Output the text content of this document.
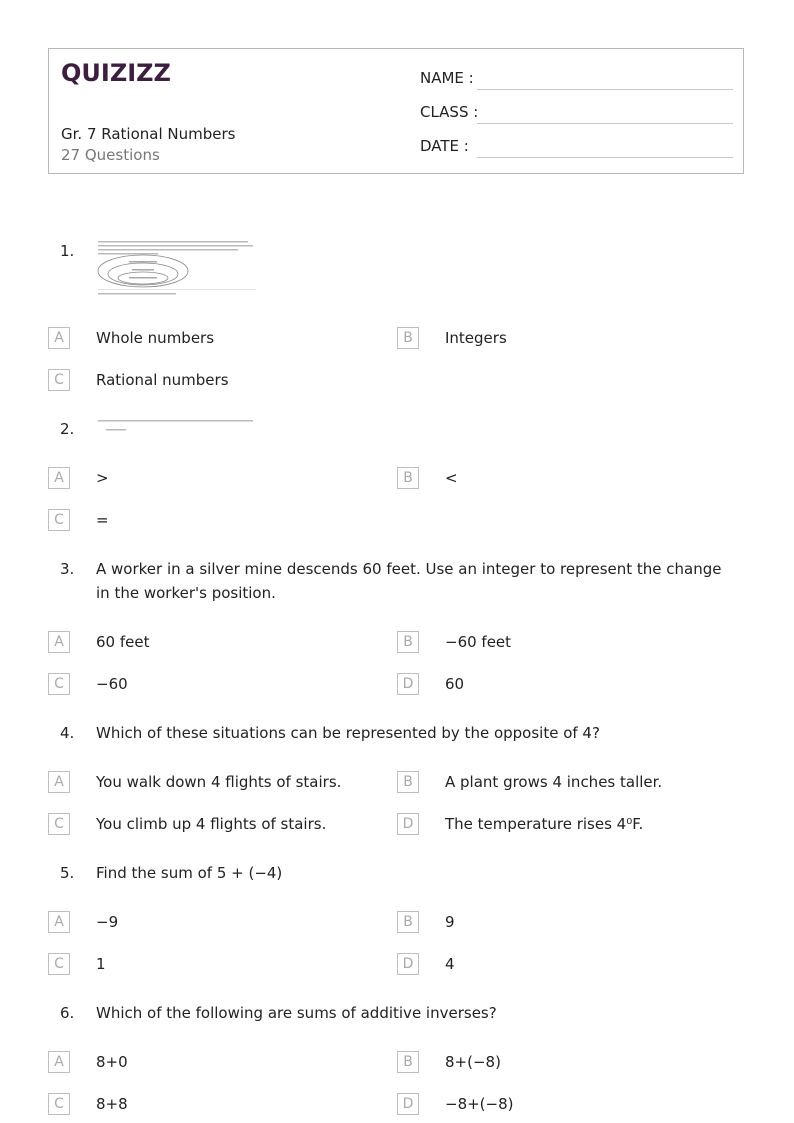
QUIZIZZ
Gr. 7 Rational Numbers
27 Questions
NAME :
CLASS :
DATE :
1.
A	Whole numbers	B	Integers
C	Rational numbers
2.
A	>	B	<
C	=
3. A worker in a silver mine descends 60 feet. Use an integer to represent the change in the worker's position.
A	60 feet	B	−60 feet
C	−60	D	60
4. Which of these situations can be represented by the opposite of 4?
A	You walk down 4 flights of stairs.	B	A plant grows 4 inches taller.
C	You climb up 4 flights of stairs.	D	The temperature rises 4⁰F.
5. Find the sum of 5 + (−4)
A	−9	B	9
C	1	D	4
6. Which of the following are sums of additive inverses?
A	8+0	B	8+(−8)
C	8+8	D	−8+(−8)
